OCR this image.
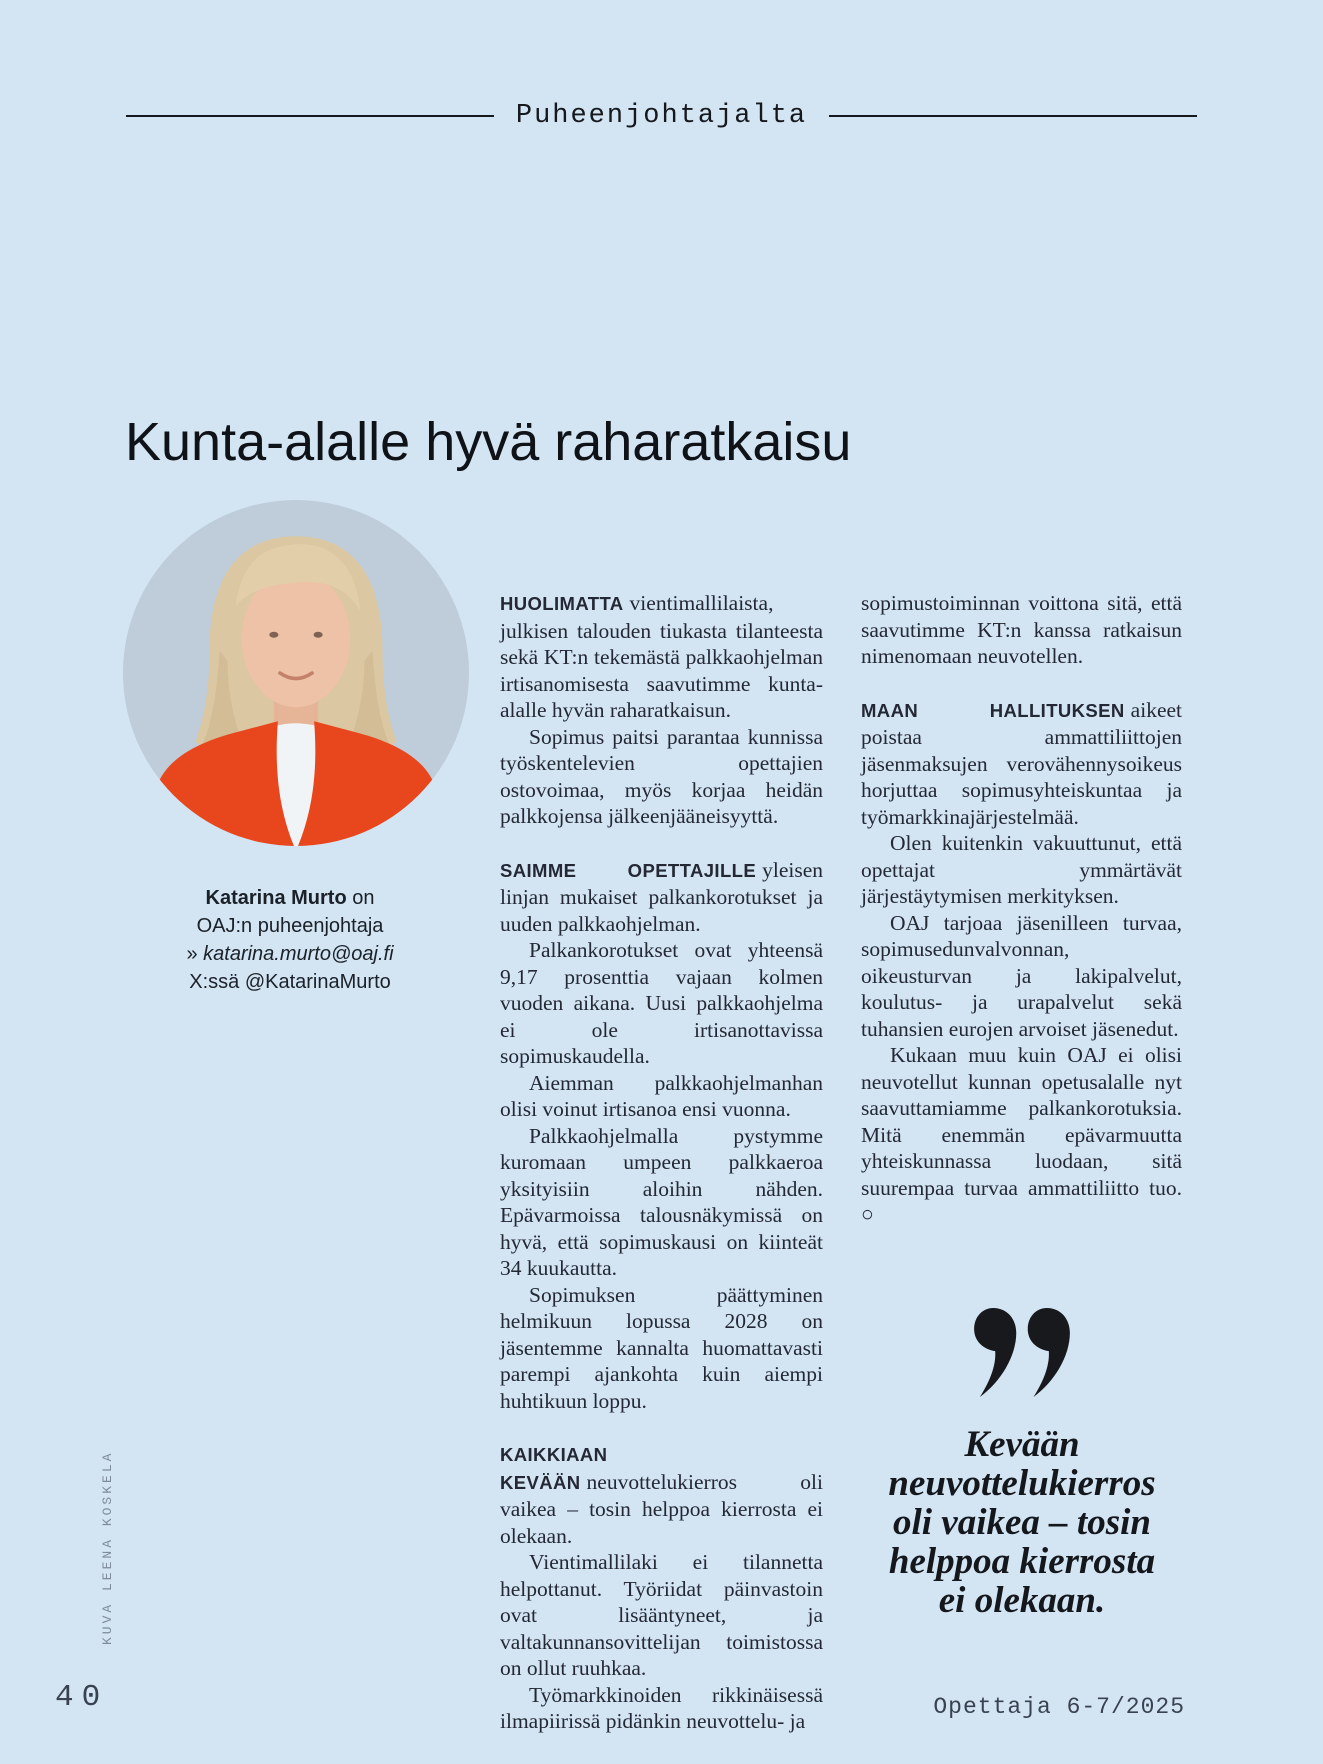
Puheenjohtajalta
Kunta-alalle hyvä raharatkaisu
Katarina Murto on
OAJ:n puheenjohtaja
» katarina.murto@oaj.fi
X:ssä @KatarinaMurto

HUOLIMATTA vientimallilaista, julkisen talouden tiukasta tilanteesta sekä KT:n tekemästä palkkaohjelman irtisanomisesta saavutimme kunta-alalle hyvän raharatkaisun.

Sopimus paitsi parantaa kunnissa työskentelevien opettajien ostovoimaa, myös korjaa heidän palkkojensa jälkeenjääneisyyttä.

SAIMME OPETTAJILLE yleisen linjan mukaiset palkankorotukset ja uuden palkkaohjelman.

Palkankorotukset ovat yhteensä 9,17 prosenttia vajaan kolmen vuoden aikana. Uusi palkkaohjelma ei ole irtisanottavissa sopimuskaudella.

Aiemman palkkaohjelmanhan olisi voinut irtisanoa ensi vuonna.

Palkkaohjelmalla pystymme kuromaan umpeen palkkaeroa yksityisiin aloihin nähden. Epävarmoissa talousnäkymissä on hyvä, että sopimuskausi on kiinteät 34 kuukautta.

Sopimuksen päättyminen helmikuun lopussa 2028 on jäsentemme kannalta huomattavasti parempi ajankohta kuin aiempi huhtikuun loppu.

KAIKKIAAN KEVÄÄN neuvottelukierros oli vaikea – tosin helppoa kierrosta ei olekaan.

Vientimallilaki ei tilannetta helpottanut. Työriidat päinvastoin ovat lisääntyneet, ja valtakunnansovittelijan toimistossa on ollut ruuhkaa.

Työmarkkinoiden rikkinäisessä ilmapiirissä pidänkin neuvottelu- ja

sopimustoiminnan voittona sitä, että saavutimme KT:n kanssa ratkaisun nimenomaan neuvotellen.

MAAN HALLITUKSEN aikeet poistaa ammattiliittojen jäsenmaksujen verovähennysoikeus horjuttaa sopimusyhteiskuntaa ja työmarkkinajärjestelmää.

Olen kuitenkin vakuuttunut, että opettajat ymmärtävät järjestäytymisen merkityksen.

OAJ tarjoaa jäsenilleen turvaa, sopimusedunvalvonnan, oikeusturvan ja lakipalvelut, koulutus- ja urapalvelut sekä tuhansien eurojen arvoiset jäsenedut.

Kukaan muu kuin OAJ ei olisi neuvotellut kunnan opetusalalle nyt saavuttamiamme palkankorotuksia. Mitä enemmän epävarmuutta yhteiskunnassa luodaan, sitä suurempaa turvaa ammattiliitto tuo. ○

Kevään
neuvottelukierros
oli vaikea – tosin
helppoa kierrosta
ei olekaan.
KUVA LEENA KOSKELA
40	Opettaja 6-7/2025
